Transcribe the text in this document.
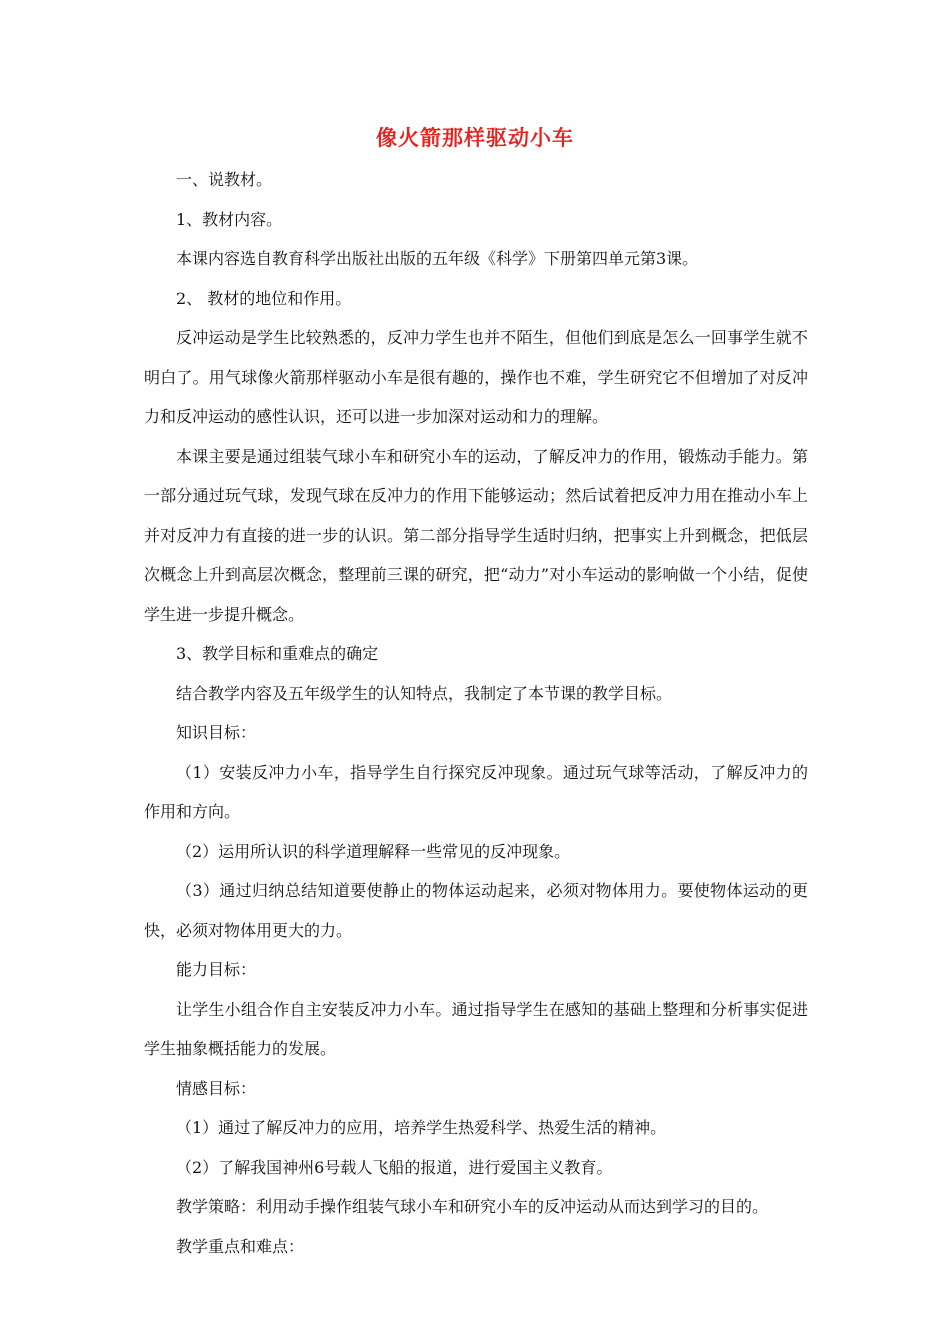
像火箭那样驱动小车

一、说教材。

1、教材内容。

本课内容选自教育科学出版社出版的五年级《科学》下册第四单元第3课。

2、 教材的地位和作用。

反冲运动是学生比较熟悉的，反冲力学生也并不陌生，但他们到底是怎么一回事学生就不明白了。用气球像火箭那样驱动小车是很有趣的，操作也不难，学生研究它不但增加了对反冲力和反冲运动的感性认识，还可以进一步加深对运动和力的理解。

本课主要是通过组装气球小车和研究小车的运动，了解反冲力的作用，锻炼动手能力。第一部分通过玩气球，发现气球在反冲力的作用下能够运动；然后试着把反冲力用在推动小车上并对反冲力有直接的进一步的认识。第二部分指导学生适时归纳，把事实上升到概念，把低层次概念上升到高层次概念，整理前三课的研究，把“动力”对小车运动的影响做一个小结，促使学生进一步提升概念。

3、教学目标和重难点的确定

结合教学内容及五年级学生的认知特点，我制定了本节课的教学目标。

知识目标：

（1）安装反冲力小车，指导学生自行探究反冲现象。通过玩气球等活动，了解反冲力的作用和方向。

（2）运用所认识的科学道理解释一些常见的反冲现象。

（3）通过归纳总结知道要使静止的物体运动起来，必须对物体用力。要使物体运动的更快，必须对物体用更大的力。

能力目标：

让学生小组合作自主安装反冲力小车。通过指导学生在感知的基础上整理和分析事实促进学生抽象概括能力的发展。

情感目标：

（1）通过了解反冲力的应用，培养学生热爱科学、热爱生活的精神。

（2）了解我国神州6号载人飞船的报道，进行爱国主义教育。

教学策略：利用动手操作组装气球小车和研究小车的反冲运动从而达到学习的目的。

教学重点和难点：
